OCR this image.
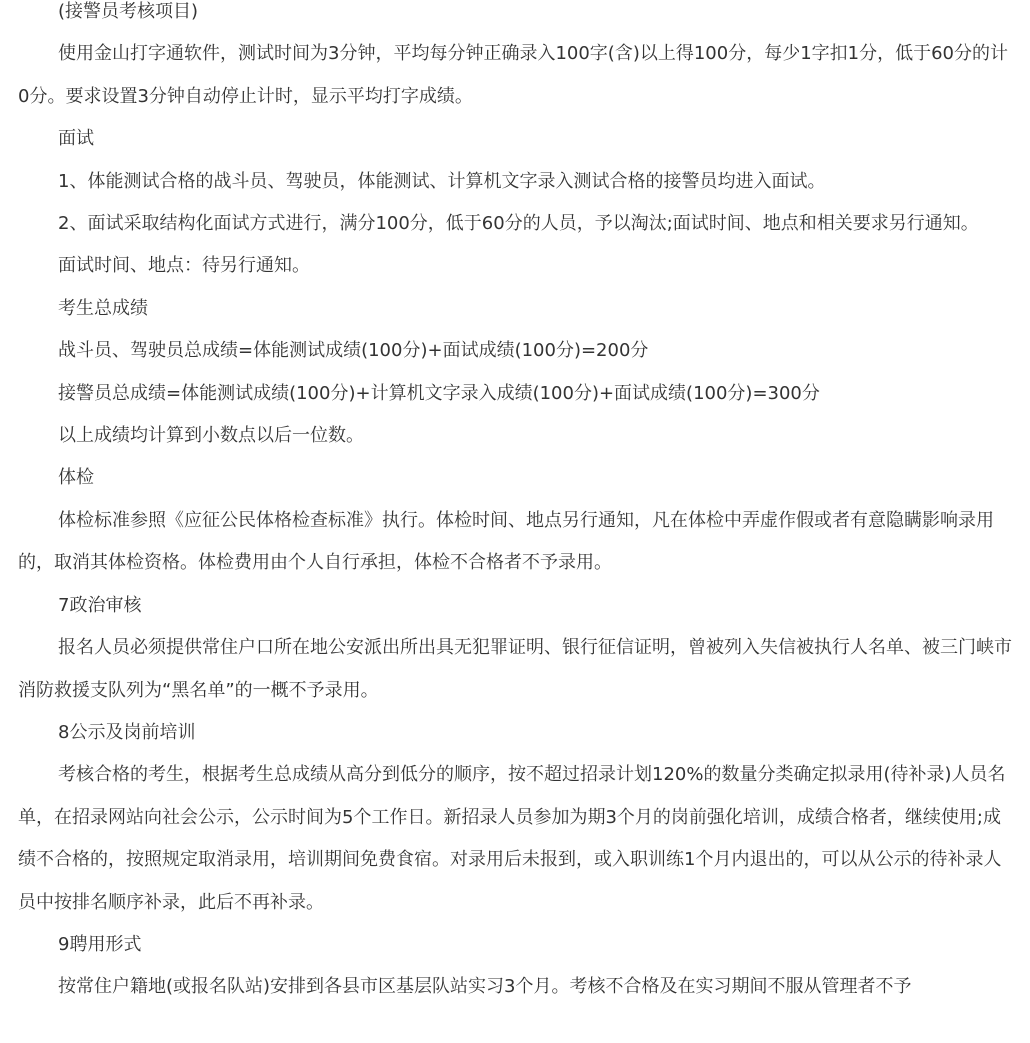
(接警员考核项目)

使用金山打字通软件，测试时间为3分钟，平均每分钟正确录入100字(含)以上得100分，每少1字扣1分，低于60分的计0分。要求设置3分钟自动停止计时，显示平均打字成绩。

面试

1、体能测试合格的战斗员、驾驶员，体能测试、计算机文字录入测试合格的接警员均进入面试。

2、面试采取结构化面试方式进行，满分100分，低于60分的人员，予以淘汰;面试时间、地点和相关要求另行通知。

面试时间、地点：待另行通知。

考生总成绩

战斗员、驾驶员总成绩=体能测试成绩(100分)+面试成绩(100分)=200分

接警员总成绩=体能测试成绩(100分)+计算机文字录入成绩(100分)+面试成绩(100分)=300分

以上成绩均计算到小数点以后一位数。

体检

体检标准参照《应征公民体格检查标准》执行。体检时间、地点另行通知，凡在体检中弄虚作假或者有意隐瞒影响录用的，取消其体检资格。体检费用由个人自行承担，体检不合格者不予录用。

7政治审核

报名人员必须提供常住户口所在地公安派出所出具无犯罪证明、银行征信证明，曾被列入失信被执行人名单、被三门峡市消防救援支队列为“黑名单”的一概不予录用。

8公示及岗前培训

考核合格的考生，根据考生总成绩从高分到低分的顺序，按不超过招录计划120%的数量分类确定拟录用(待补录)人员名单，在招录网站向社会公示，公示时间为5个工作日。新招录人员参加为期3个月的岗前强化培训，成绩合格者，继续使用;成绩不合格的，按照规定取消录用，培训期间免费食宿。对录用后未报到，或入职训练1个月内退出的，可以从公示的待补录人员中按排名顺序补录，此后不再补录。

9聘用形式

按常住户籍地(或报名队站)安排到各县市区基层队站实习3个月。考核不合格及在实习期间不服从管理者不予
